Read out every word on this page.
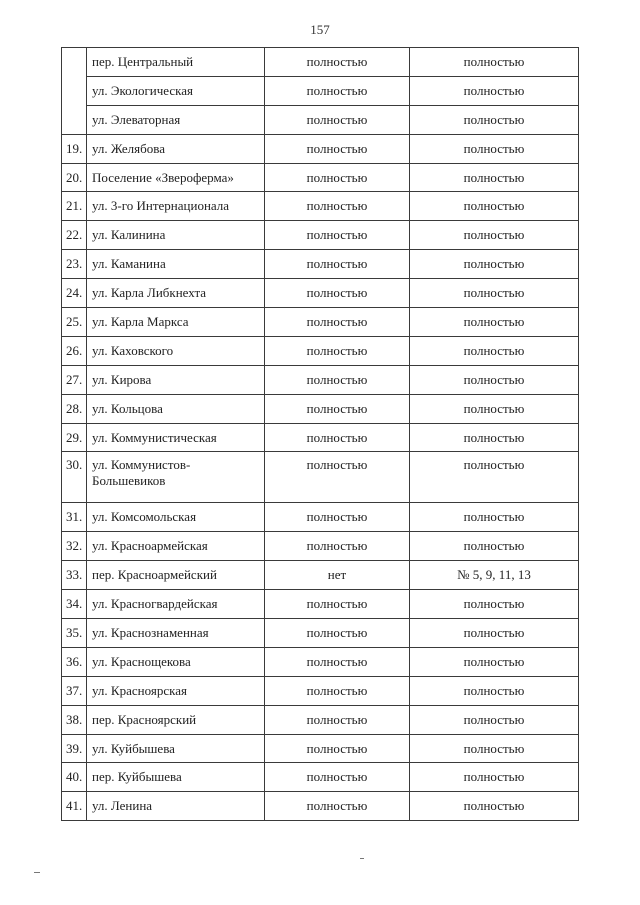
157
	пер. Центральный	полностью	полностью
	ул. Экологическая	полностью	полностью
	ул. Элеваторная	полностью	полностью
19.	ул. Желябова	полностью	полностью
20.	Поселение «Звероферма»	полностью	полностью
21.	ул. 3-го Интернационала	полностью	полностью
22.	ул. Калинина	полностью	полностью
23.	ул. Каманина	полностью	полностью
24.	ул. Карла Либкнехта	полностью	полностью
25.	ул. Карла Маркса	полностью	полностью
26.	ул. Каховского	полностью	полностью
27.	ул. Кирова	полностью	полностью
28.	ул. Кольцова	полностью	полностью
29.	ул. Коммунистическая	полностью	полностью
30.	ул. Коммунистов-Большевиков	полностью	полностью
31.	ул. Комсомольская	полностью	полностью
32.	ул. Красноармейская	полностью	полностью
33.	пер. Красноармейский	нет	№ 5, 9, 11, 13
34.	ул. Красногвардейская	полностью	полностью
35.	ул. Краснознаменная	полностью	полностью
36.	ул. Краснощекова	полностью	полностью
37.	ул. Красноярская	полностью	полностью
38.	пер. Красноярский	полностью	полностью
39.	ул. Куйбышева	полностью	полностью
40.	пер. Куйбышева	полностью	полностью
41.	ул. Ленина	полностью	полностью
